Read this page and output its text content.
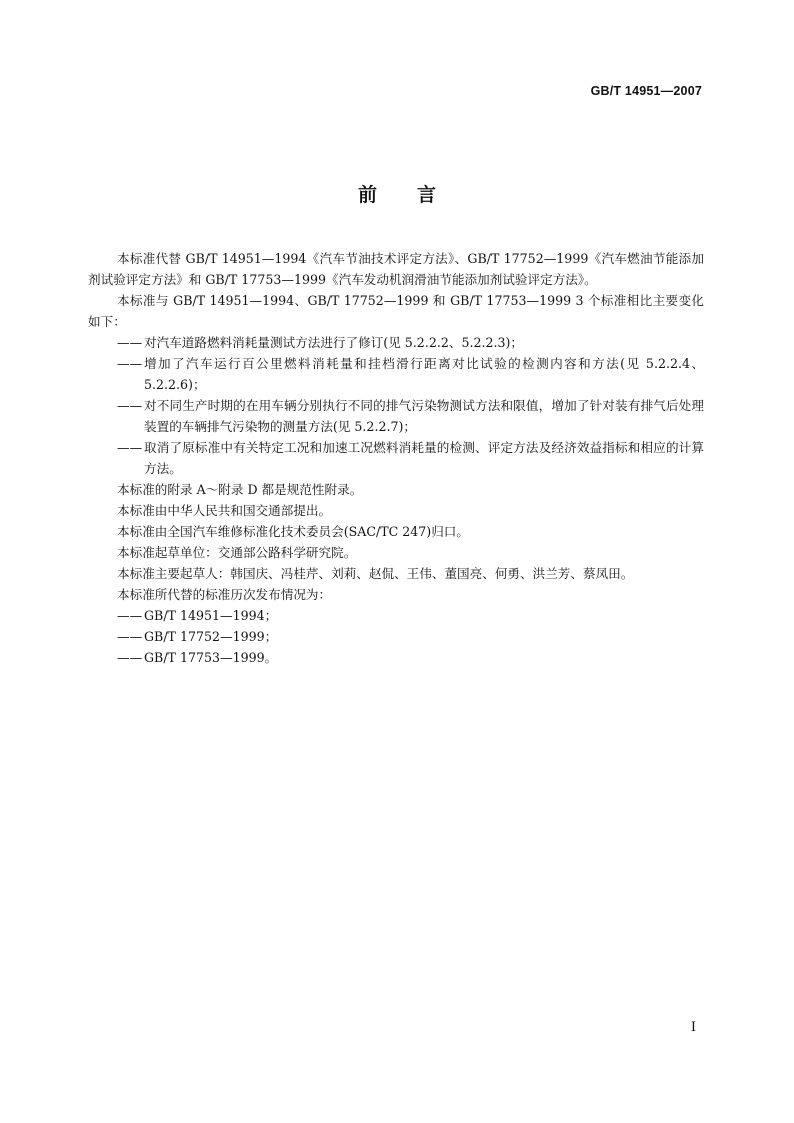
GB/T 14951—2007
前言

本标准代替 GB/T 14951—1994《汽车节油技术评定方法》、GB/T 17752—1999《汽车燃油节能添加剂试验评定方法》和 GB/T 17753—1999《汽车发动机润滑油节能添加剂试验评定方法》。

本标准与 GB/T 14951—1994、GB/T 17752—1999 和 GB/T 17753—1999 3 个标准相比主要变化如下：

—— 对汽车道路燃料消耗量测试方法进行了修订(见 5.2.2.2、5.2.2.3)；
—— 增加了汽车运行百公里燃料消耗量和挂档滑行距离对比试验的检测内容和方法(见 5.2.2.4、5.2.2.6)；
—— 对不同生产时期的在用车辆分别执行不同的排气污染物测试方法和限值，增加了针对装有排气后处理装置的车辆排气污染物的测量方法(见 5.2.2.7)；
—— 取消了原标准中有关特定工况和加速工况燃料消耗量的检测、评定方法及经济效益指标和相应的计算方法。

本标准的附录 A～附录 D 都是规范性附录。

本标准由中华人民共和国交通部提出。

本标准由全国汽车维修标准化技术委员会(SAC/TC 247)归口。

本标准起草单位：交通部公路科学研究院。

本标准主要起草人：韩国庆、冯桂芹、刘莉、赵侃、王伟、董国亮、何勇、洪兰芳、蔡凤田。

本标准所代替的标准历次发布情况为：

—— GB/T 14951—1994；
—— GB/T 17752—1999；
—— GB/T 17753—1999。
I
